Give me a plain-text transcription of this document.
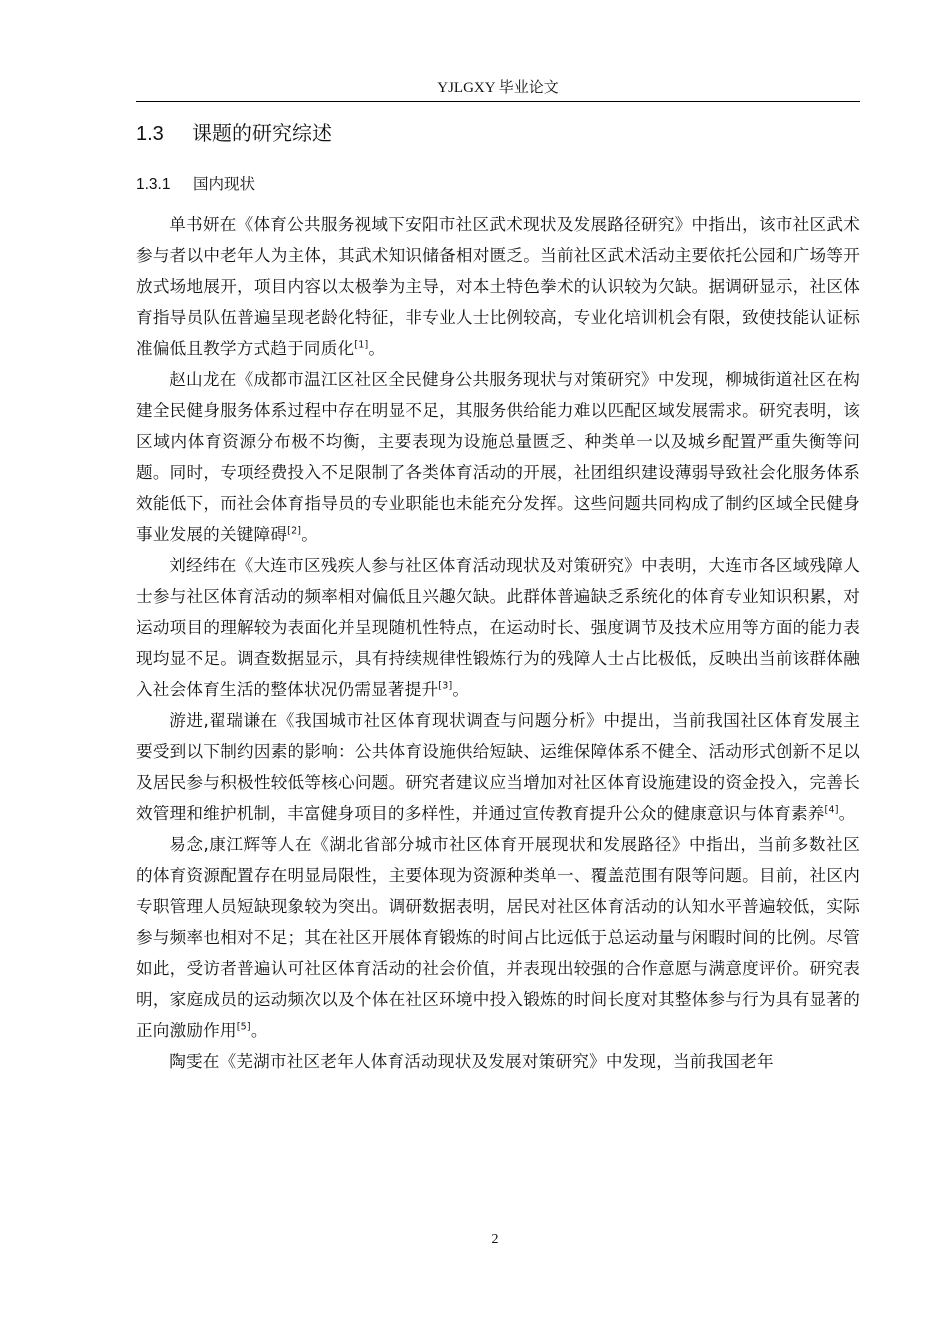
YJLGXY 毕业论文
1.3 课题的研究综述
1.3.1 国内现状

单书妍在《体育公共服务视域下安阳市社区武术现状及发展路径研究》中指出，该市社区武术参与者以中老年人为主体，其武术知识储备相对匮乏。当前社区武术活动主要依托公园和广场等开放式场地展开，项目内容以太极拳为主导，对本土特色拳术的认识较为欠缺。据调研显示，社区体育指导员队伍普遍呈现老龄化特征，非专业人士比例较高，专业化培训机会有限，致使技能认证标准偏低且教学方式趋于同质化[1]。

赵山龙在《成都市温江区社区全民健身公共服务现状与对策研究》中发现，柳城街道社区在构建全民健身服务体系过程中存在明显不足，其服务供给能力难以匹配区域发展需求。研究表明，该区域内体育资源分布极不均衡，主要表现为设施总量匮乏、种类单一以及城乡配置严重失衡等问题。同时，专项经费投入不足限制了各类体育活动的开展，社团组织建设薄弱导致社会化服务体系效能低下，而社会体育指导员的专业职能也未能充分发挥。这些问题共同构成了制约区域全民健身事业发展的关键障碍[2]。

刘经纬在《大连市区残疾人参与社区体育活动现状及对策研究》中表明，大连市各区域残障人士参与社区体育活动的频率相对偏低且兴趣欠缺。此群体普遍缺乏系统化的体育专业知识积累，对运动项目的理解较为表面化并呈现随机性特点，在运动时长、强度调节及技术应用等方面的能力表现均显不足。调查数据显示，具有持续规律性锻炼行为的残障人士占比极低，反映出当前该群体融入社会体育生活的整体状况仍需显著提升[3]。

游进,翟瑞谦在《我国城市社区体育现状调查与问题分析》中提出，当前我国社区体育发展主要受到以下制约因素的影响：公共体育设施供给短缺、运维保障体系不健全、活动形式创新不足以及居民参与积极性较低等核心问题。研究者建议应当增加对社区体育设施建设的资金投入，完善长效管理和维护机制，丰富健身项目的多样性，并通过宣传教育提升公众的健康意识与体育素养[4]。

易念,康江辉等人在《湖北省部分城市社区体育开展现状和发展路径》中指出，当前多数社区的体育资源配置存在明显局限性，主要体现为资源种类单一、覆盖范围有限等问题。目前，社区内专职管理人员短缺现象较为突出。调研数据表明，居民对社区体育活动的认知水平普遍较低，实际参与频率也相对不足；其在社区开展体育锻炼的时间占比远低于总运动量与闲暇时间的比例。尽管如此，受访者普遍认可社区体育活动的社会价值，并表现出较强的合作意愿与满意度评价。研究表明，家庭成员的运动频次以及个体在社区环境中投入锻炼的时间长度对其整体参与行为具有显著的正向激励作用[5]。

陶雯在《芜湖市社区老年人体育活动现状及发展对策研究》中发现，当前我国老年

2
